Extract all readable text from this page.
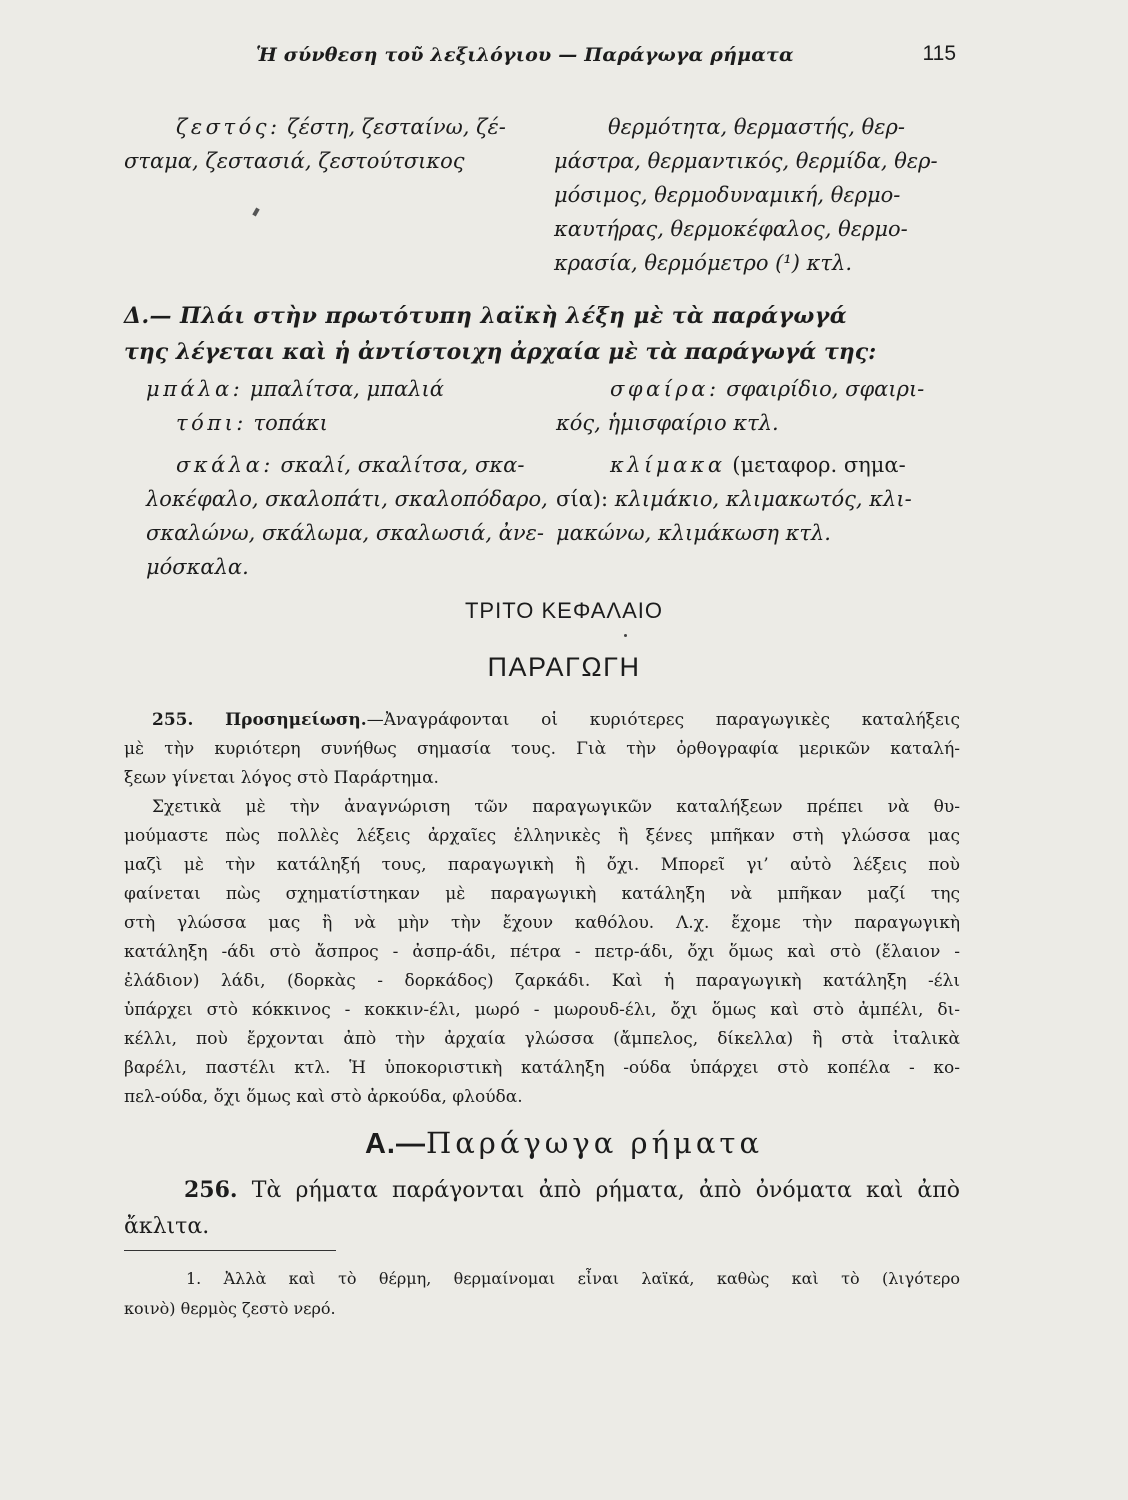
Ἡ σύνθεση τοῦ λεξιλόγιου — Παράγωγα ρήματα	115
ζεστός: ζέστη, ζεσταίνω, ζέ-
σταμα, ζεστασιά, ζεστούτσικος
θερμότητα, θερμαστής, θερ-
μάστρα, θερμαντικός, θερμίδα, θερ-
μόσιμος, θερμοδυναμική, θερμο-
καυτήρας, θερμοκέφαλος, θερμο-
κρασία, θερμόμετρο (¹) κτλ.
Δ.— Πλάι στὴν πρωτότυπη λαϊκὴ λέξη μὲ τὰ παράγωγά
της λέγεται καὶ ἡ ἀντίστοιχη ἀρχαία μὲ τὰ παράγωγά της:
μπάλα: μπαλίτσα, μπαλιά
τόπι: τοπάκι
σκάλα: σκαλί, σκαλίτσα, σκα-
λοκέφαλο, σκαλοπάτι, σκαλοπόδαρο,
σκαλώνω, σκάλωμα, σκαλωσιά, ἀνε-
μόσκαλα.
σφαίρα: σφαιρίδιο, σφαιρι-
κός, ἡμισφαίριο κτλ.
κλίμακα (μεταφορ. σημα-
σία): κλιμάκιο, κλιμακωτός, κλι-
μακώνω, κλιμάκωση κτλ.
ΤΡΙΤΟ ΚΕΦΑΛΑΙΟ
ΠΑΡΑΓΩΓΗ

255. Προσημείωση.—Ἀναγράφονται οἱ κυριότερες παραγωγικὲς καταλήξεις

μὲ τὴν κυριότερη συνήθως σημασία τους. Γιὰ τὴν ὀρθογραφία μερικῶν καταλή-

ξεων γίνεται λόγος στὸ Παράρτημα.

Σχετικὰ μὲ τὴν ἀναγνώριση τῶν παραγωγικῶν καταλήξεων πρέπει νὰ θυ-

μούμαστε πὼς πολλὲς λέξεις ἀρχαῖες ἑλληνικὲς ἢ ξένες μπῆκαν στὴ γλώσσα μας

μαζὶ μὲ τὴν κατάληξή τους, παραγωγικὴ ἢ ὄχι. Μπορεῖ γι’ αὐτὸ λέξεις ποὺ

φαίνεται πὼς σχηματίστηκαν μὲ παραγωγικὴ κατάληξη νὰ μπῆκαν μαζί της

στὴ γλώσσα μας ἢ νὰ μὴν τὴν ἔχουν καθόλου. Λ.χ. ἔχομε τὴν παραγωγικὴ

κατάληξη -άδι στὸ ἄσπρος - ἀσπρ-άδι, πέτρα - πετρ-άδι, ὄχι ὅμως καὶ στὸ (ἔλαιον -

ἐλάδιον) λάδι, (δορκὰς - δορκάδος) ζαρκάδι. Καὶ ἡ παραγωγικὴ κατάληξη -έλι

ὑπάρχει στὸ κόκκινος - κοκκιν-έλι, μωρό - μωρουδ-έλι, ὄχι ὅμως καὶ στὸ ἀμπέλι, δι-

κέλλι, ποὺ ἔρχονται ἀπὸ τὴν ἀρχαία γλώσσα (ἄμπελος, δίκελλα) ἢ στὰ ἰταλικὰ

βαρέλι, παστέλι κτλ. Ἡ ὑποκοριστικὴ κατάληξη -ούδα ὑπάρχει στὸ κοπέλα - κο-

πελ-ούδα, ὄχι ὅμως καὶ στὸ ἀρκούδα, φλούδα.

Α.—Παράγωγα ρήματα
256. Τὰ ρήματα παράγονται ἀπὸ ρήματα, ἀπὸ ὀνόματα καὶ ἀπὸ
ἄκλιτα.
1. Ἀλλὰ καὶ τὸ θέρμη, θερμαίνομαι εἶναι λαϊκά, καθὼς καὶ τὸ (λιγότερο
κοινὸ) θερμὸς ζεστὸ νερό.
